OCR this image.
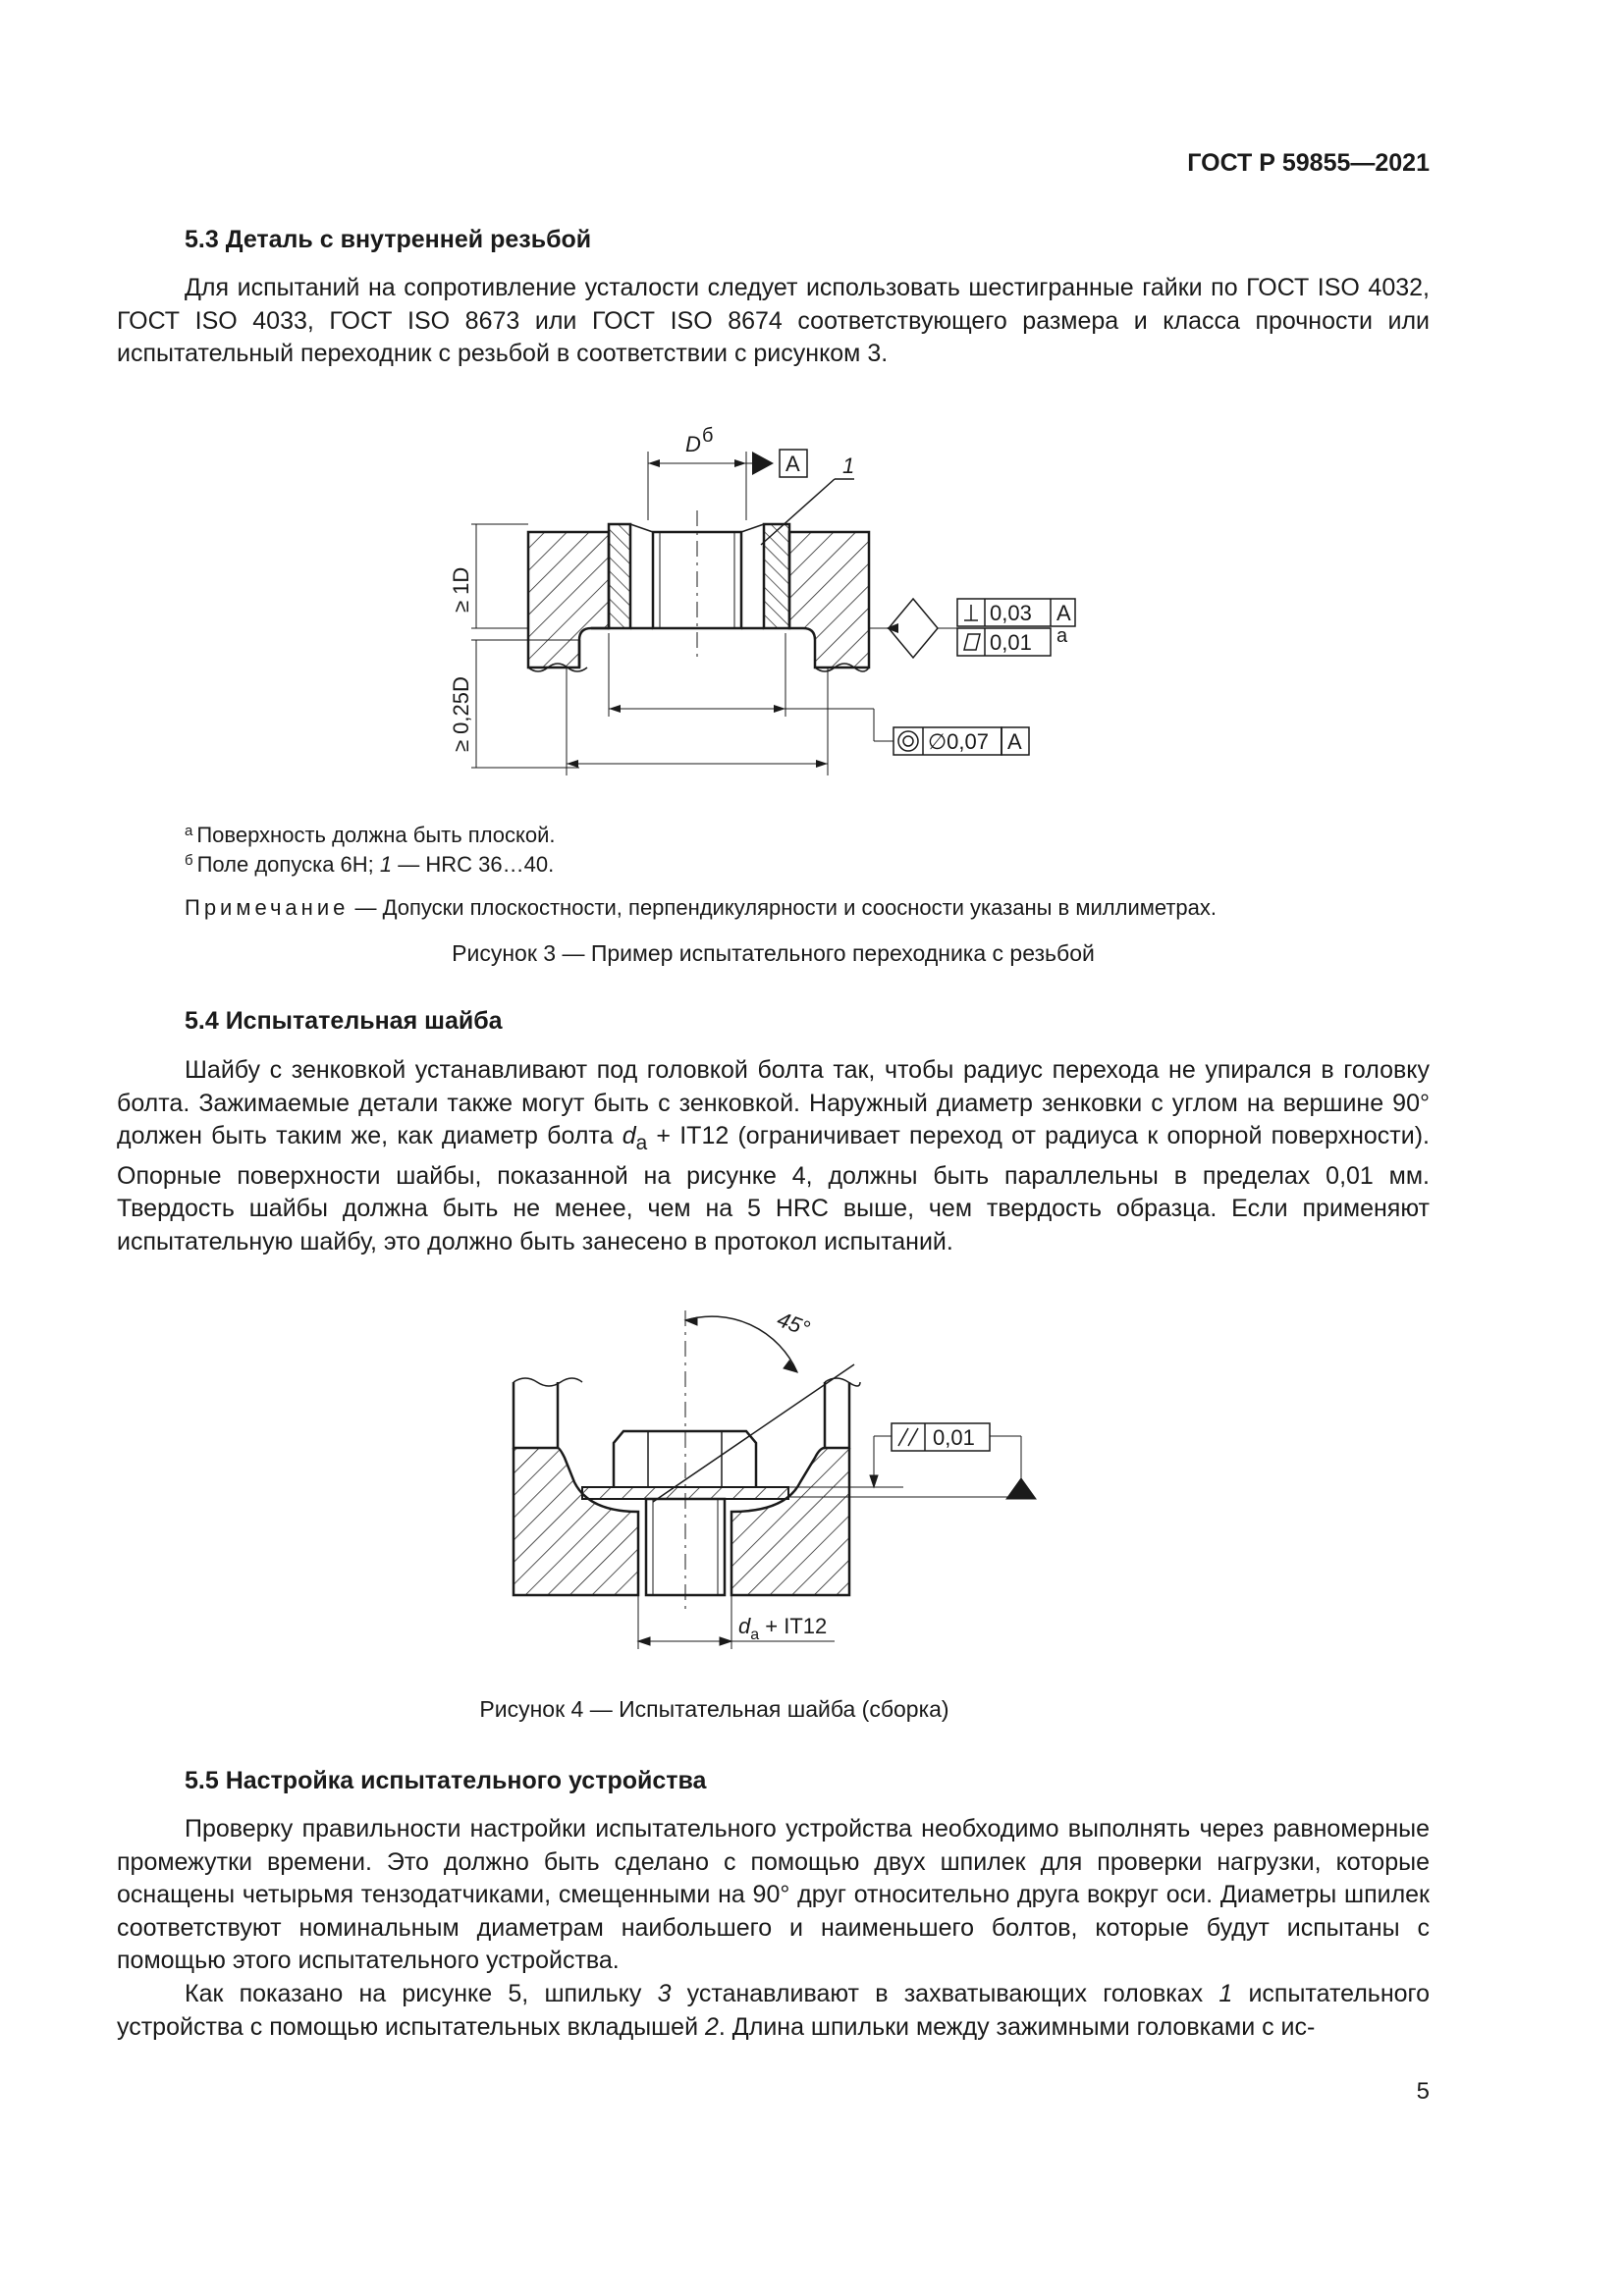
ГОСТ Р 59855—2021
5.3 Деталь с внутренней резьбой

Для испытаний на сопротивление усталости следует использовать шестигранные гайки по ГОСТ ISO 4032, ГОСТ ISO 4033, ГОСТ ISO 8673 или ГОСТ ISO 8674 соответствующего размера и класса прочности или испытательный переходник с резьбой в соответствии с рисунком 3.

D б
A 1
≥ 1D
≥ 0,25D
0,03 A
0,01 a
∅0,07 A
$^а$ Поверхность должна быть плоской.
$^б$ Поле допуска 6H; 1 — HRC 36…40.
Примечание — Допуски плоскостности, перпендикулярности и соосности указаны в миллиметрах.
Рисунок 3 — Пример испытательного переходника с резьбой
5.4 Испытательная шайба

Шайбу с зенковкой устанавливают под головкой болта так, чтобы радиус перехода не упирался в головку болта. Зажимаемые детали также могут быть с зенковкой. Наружный диаметр зенковки с углом на вершине 90° должен быть таким же, как диаметр болта $d_a + IT12$ (ограничивает переход от радиуса к опорной поверхности). Опорные поверхности шайбы, показанной на рисунке 4, должны быть параллельны в пределах 0,01 мм. Твердость шайбы должна быть не менее, чем на 5 HRC выше, чем твердость образца. Если применяют испытательную шайбу, это должно быть занесено в протокол испытаний.

45°
0,01
$d_a + IT12$
Рисунок 4 — Испытательная шайба (сборка)
5.5 Настройка испытательного устройства

Проверку правильности настройки испытательного устройства необходимо выполнять через равномерные промежутки времени. Это должно быть сделано с помощью двух шпилек для проверки нагрузки, которые оснащены четырьмя тензодатчиками, смещенными на 90° друг относительно друга вокруг оси. Диаметры шпилек соответствуют номинальным диаметрам наибольшего и наименьшего болтов, которые будут испытаны с помощью этого испытательного устройства.

Как показано на рисунке 5, шпильку 3 устанавливают в захватывающих головках 1 испытательного устройства с помощью испытательных вкладышей 2. Длина шпильки между зажимными головками с ис-

5
